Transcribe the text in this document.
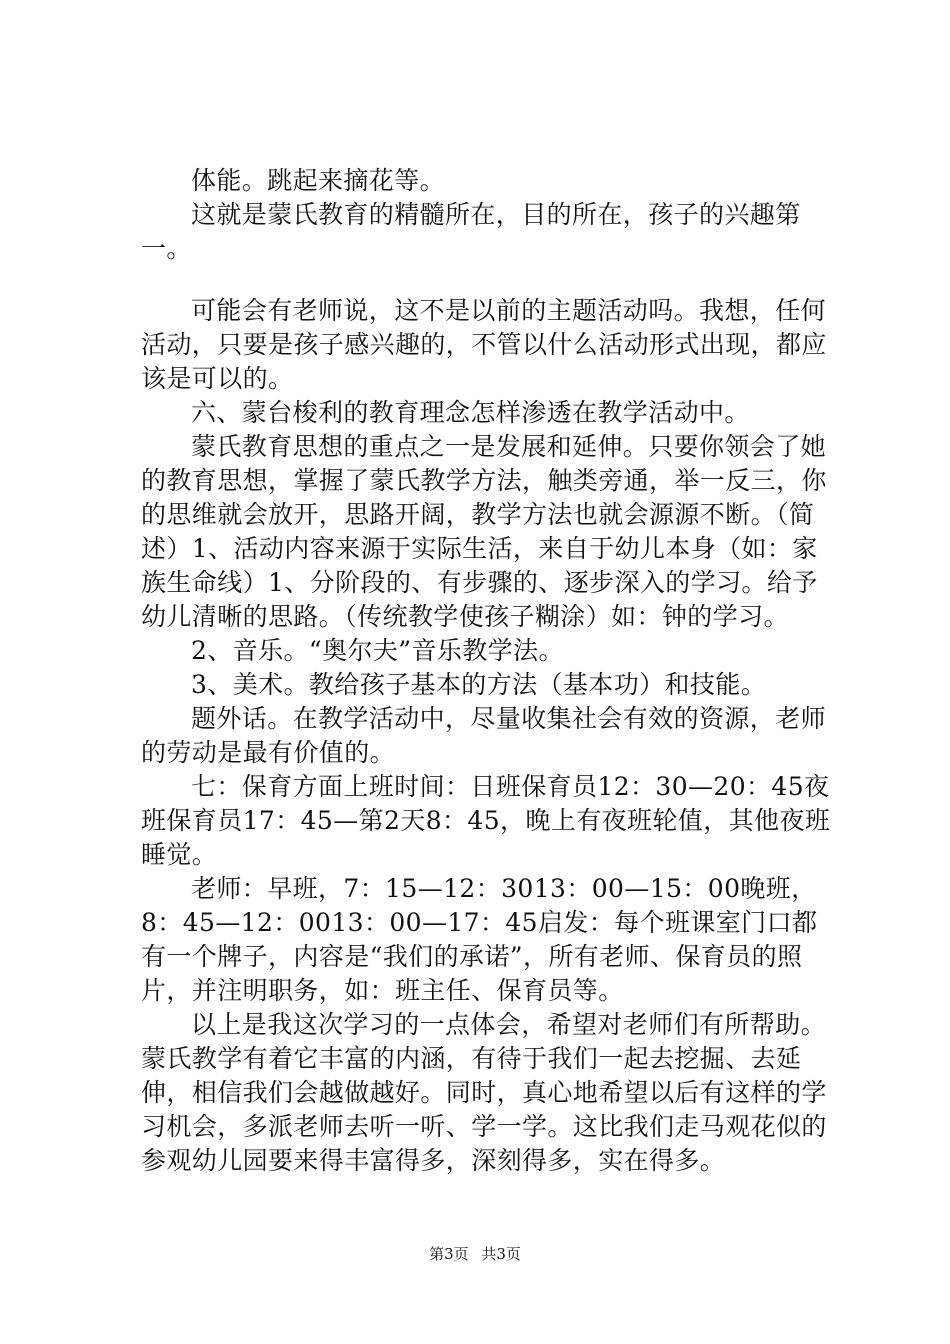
体能。跳起来摘花等。

这就是蒙氏教育的精髓所在，目的所在，孩子的兴趣第一。

可能会有老师说，这不是以前的主题活动吗。我想，任何活动，只要是孩子感兴趣的，不管以什么活动形式出现，都应该是可以的。

六、蒙台梭利的教育理念怎样渗透在教学活动中。

蒙氏教育思想的重点之一是发展和延伸。只要你领会了她的教育思想，掌握了蒙氏教学方法，触类旁通，举一反三，你的思维就会放开，思路开阔，教学方法也就会源源不断。（简述）1、活动内容来源于实际生活，来自于幼儿本身（如：家族生命线）1、分阶段的、有步骤的、逐步深入的学习。给予幼儿清晰的思路。（传统教学使孩子糊涂）如：钟的学习。

2、音乐。“奥尔夫”音乐教学法。

3、美术。教给孩子基本的方法（基本功）和技能。

题外话。在教学活动中，尽量收集社会有效的资源，老师的劳动是最有价值的。

七：保育方面上班时间：日班保育员12：30—20：45夜班保育员17：45—第2天8：45，晚上有夜班轮值，其他夜班睡觉。

老师：早班，7：15—12：3013：00—15：00晚班，8：45—12：0013：00—17：45启发：每个班课室门口都有一个牌子，内容是“我们的承诺”，所有老师、保育员的照片，并注明职务，如：班主任、保育员等。

以上是我这次学习的一点体会，希望对老师们有所帮助。蒙氏教学有着它丰富的内涵，有待于我们一起去挖掘、去延伸，相信我们会越做越好。同时，真心地希望以后有这样的学习机会，多派老师去听一听、学一学。这比我们走马观花似的参观幼儿园要来得丰富得多，深刻得多，实在得多。

第3页 共3页
